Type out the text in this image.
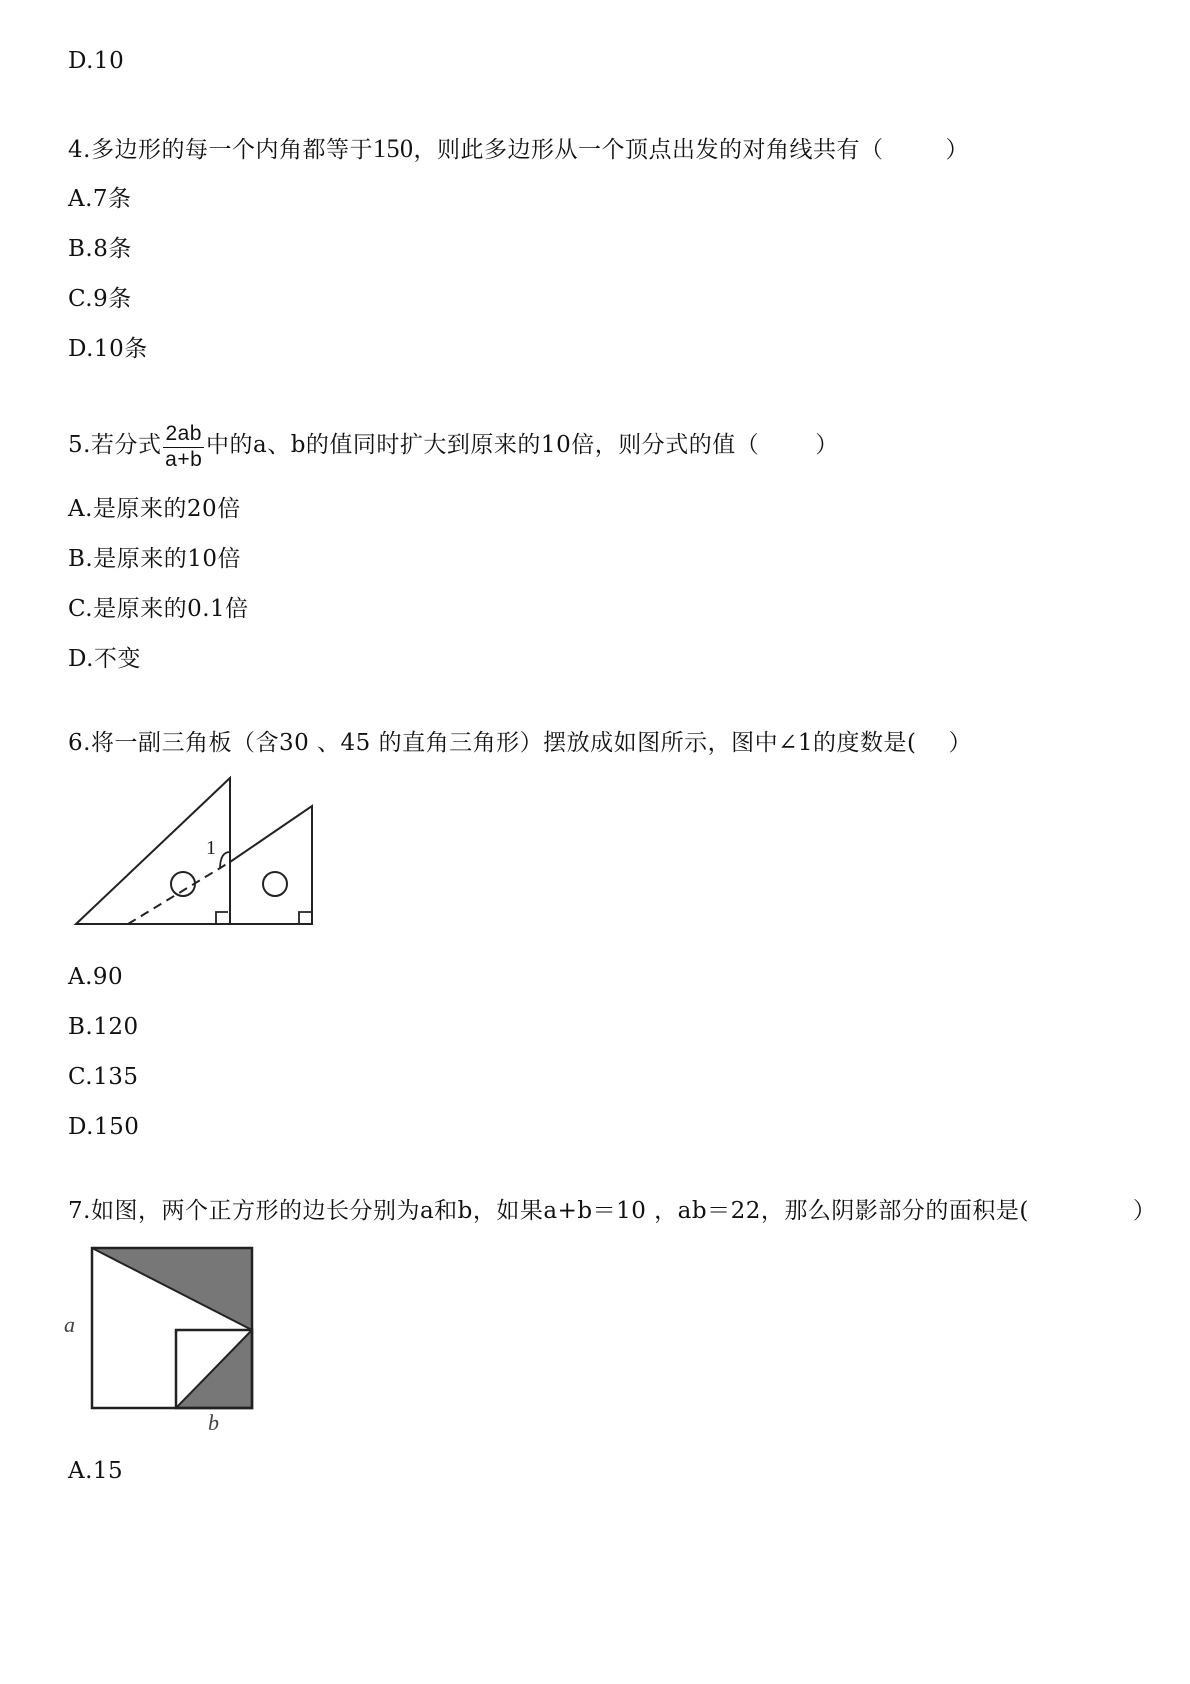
D.10
4.多边形的每一个内角都等于150，则此多边形从一个顶点出发的对角线共有（	）
A.7条
B.8条
C.9条
D.10条
5.若分式 $\frac{2ab}{a+b}$ 中的a、b的值同时扩大到原来的10倍，则分式的值（ ）
A.是原来的20倍
B.是原来的10倍
C.是原来的0.1倍
D.不变
6.将一副三角板（含30 、45 的直角三角形）摆放成如图所示，图中∠1的度数是( ）
1
A.90
B.120
C.135
D.150
7.如图，两个正方形的边长分别为a和b，如果a+b＝10 ，ab＝22，那么阴影部分的面积是(	）
a
b
A.15
